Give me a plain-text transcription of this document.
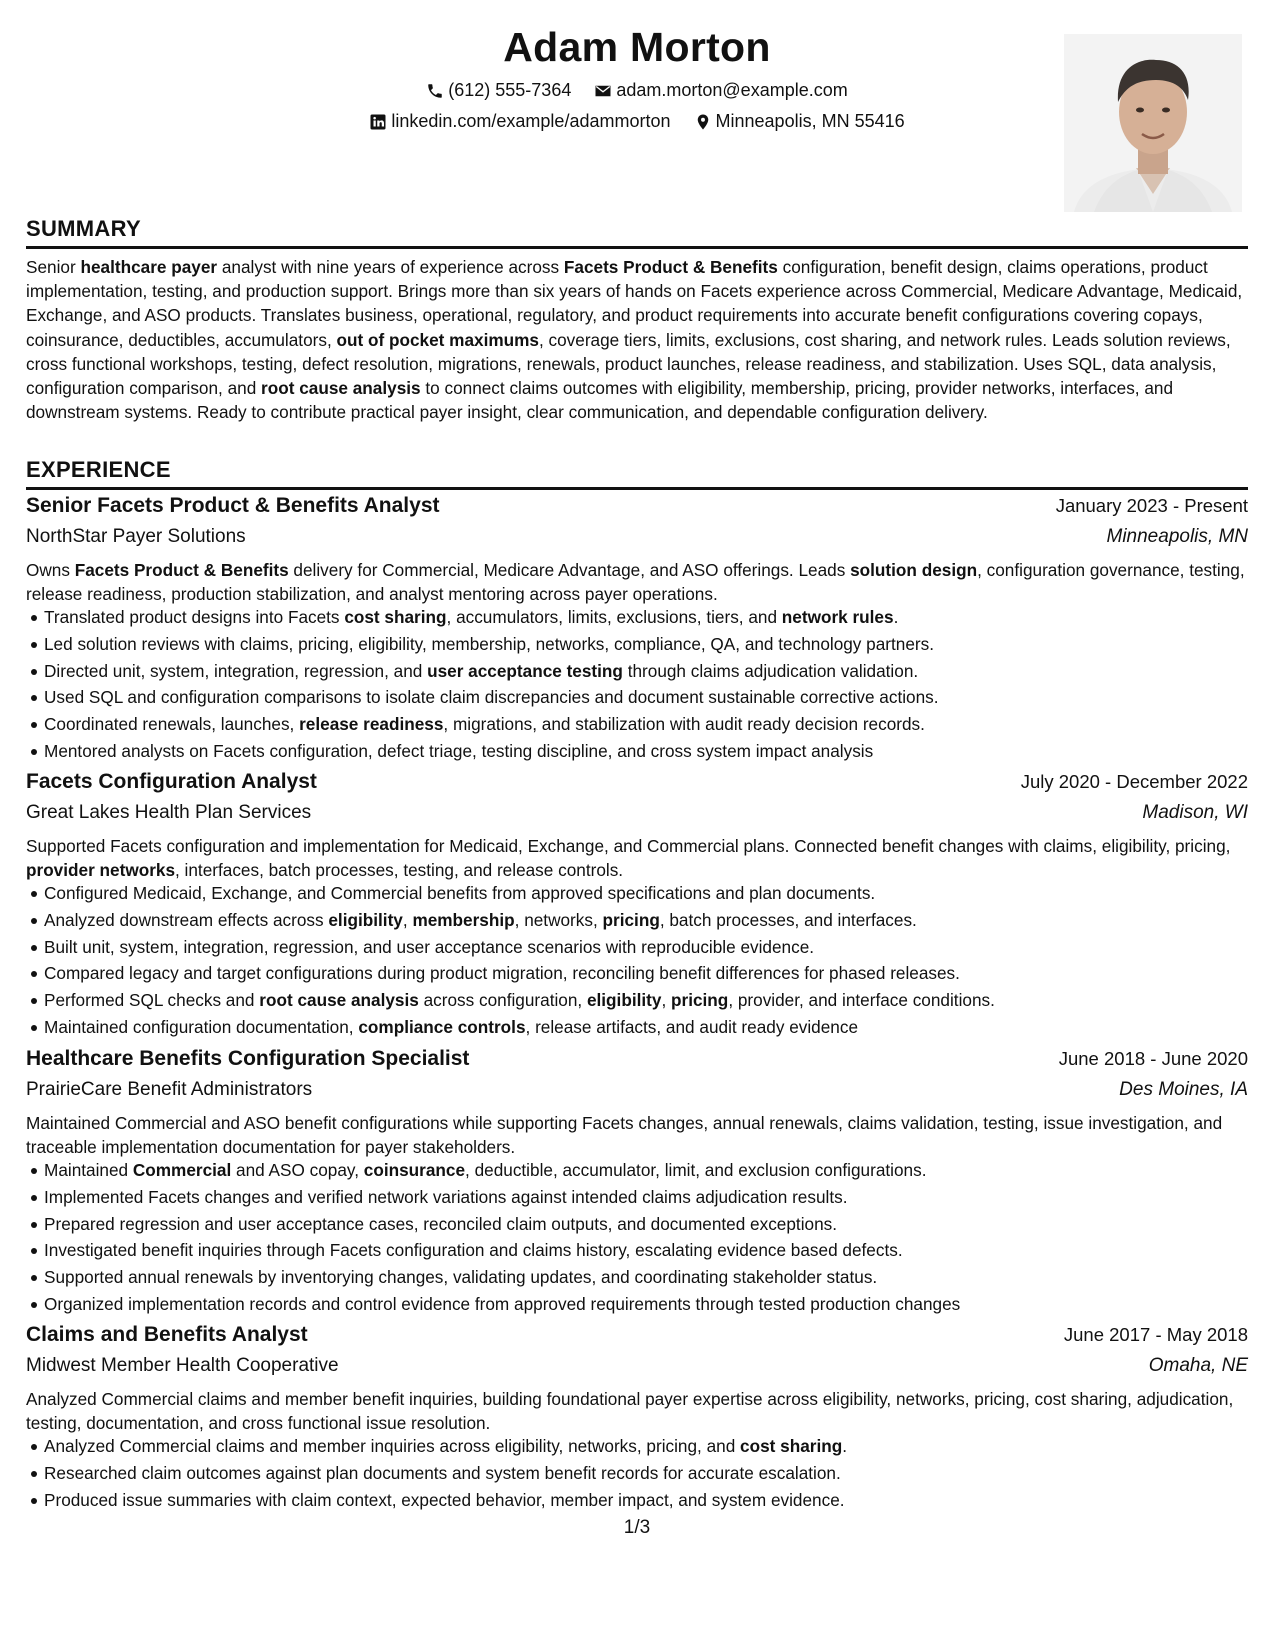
Adam Morton
(612) 555-7364
	adam.morton@example.com
linkedin.com/example/adammorton
	Minneapolis, MN 55416
SUMMARY

Senior healthcare payer analyst with nine years of experience across Facets Product & Benefits configuration, benefit design, claims operations, product implementation, testing, and production support. Brings more than six years of hands on Facets experience across Commercial, Medicare Advantage, Medicaid, Exchange, and ASO products. Translates business, operational, regulatory, and product requirements into accurate benefit configurations covering copays, coinsurance, deductibles, accumulators, out of pocket maximums, coverage tiers, limits, exclusions, cost sharing, and network rules. Leads solution reviews, cross functional workshops, testing, defect resolution, migrations, renewals, product launches, release readiness, and stabilization. Uses SQL, data analysis, configuration comparison, and root cause analysis to connect claims outcomes with eligibility, membership, pricing, provider networks, interfaces, and downstream systems. Ready to contribute practical payer insight, clear communication, and dependable configuration delivery.

EXPERIENCE
Senior Facets Product & Benefits Analyst	January 2023 - Present
NorthStar Payer Solutions	Minneapolis, MN

Owns Facets Product & Benefits delivery for Commercial, Medicare Advantage, and ASO offerings. Leads solution design, configuration governance, testing, release readiness, production stabilization, and analyst mentoring across payer operations.

Translated product designs into Facets cost sharing, accumulators, limits, exclusions, tiers, and network rules.
Led solution reviews with claims, pricing, eligibility, membership, networks, compliance, QA, and technology partners.
Directed unit, system, integration, regression, and user acceptance testing through claims adjudication validation.
Used SQL and configuration comparisons to isolate claim discrepancies and document sustainable corrective actions.
Coordinated renewals, launches, release readiness, migrations, and stabilization with audit ready decision records.
Mentored analysts on Facets configuration, defect triage, testing discipline, and cross system impact analysis
Facets Configuration Analyst	July 2020 - December 2022
Great Lakes Health Plan Services	Madison, WI

Supported Facets configuration and implementation for Medicaid, Exchange, and Commercial plans. Connected benefit changes with claims, eligibility, pricing, provider networks, interfaces, batch processes, testing, and release controls.

Configured Medicaid, Exchange, and Commercial benefits from approved specifications and plan documents.
Analyzed downstream effects across eligibility, membership, networks, pricing, batch processes, and interfaces.
Built unit, system, integration, regression, and user acceptance scenarios with reproducible evidence.
Compared legacy and target configurations during product migration, reconciling benefit differences for phased releases.
Performed SQL checks and root cause analysis across configuration, eligibility, pricing, provider, and interface conditions.
Maintained configuration documentation, compliance controls, release artifacts, and audit ready evidence
Healthcare Benefits Configuration Specialist	June 2018 - June 2020
PrairieCare Benefit Administrators	Des Moines, IA

Maintained Commercial and ASO benefit configurations while supporting Facets changes, annual renewals, claims validation, testing, issue investigation, and traceable implementation documentation for payer stakeholders.

Maintained Commercial and ASO copay, coinsurance, deductible, accumulator, limit, and exclusion configurations.
Implemented Facets changes and verified network variations against intended claims adjudication results.
Prepared regression and user acceptance cases, reconciled claim outputs, and documented exceptions.
Investigated benefit inquiries through Facets configuration and claims history, escalating evidence based defects.
Supported annual renewals by inventorying changes, validating updates, and coordinating stakeholder status.
Organized implementation records and control evidence from approved requirements through tested production changes
Claims and Benefits Analyst	June 2017 - May 2018
Midwest Member Health Cooperative	Omaha, NE

Analyzed Commercial claims and member benefit inquiries, building foundational payer expertise across eligibility, networks, pricing, cost sharing, adjudication, testing, documentation, and cross functional issue resolution.

Analyzed Commercial claims and member inquiries across eligibility, networks, pricing, and cost sharing.
Researched claim outcomes against plan documents and system benefit records for accurate escalation.
Produced issue summaries with claim context, expected behavior, member impact, and system evidence.
1/3
